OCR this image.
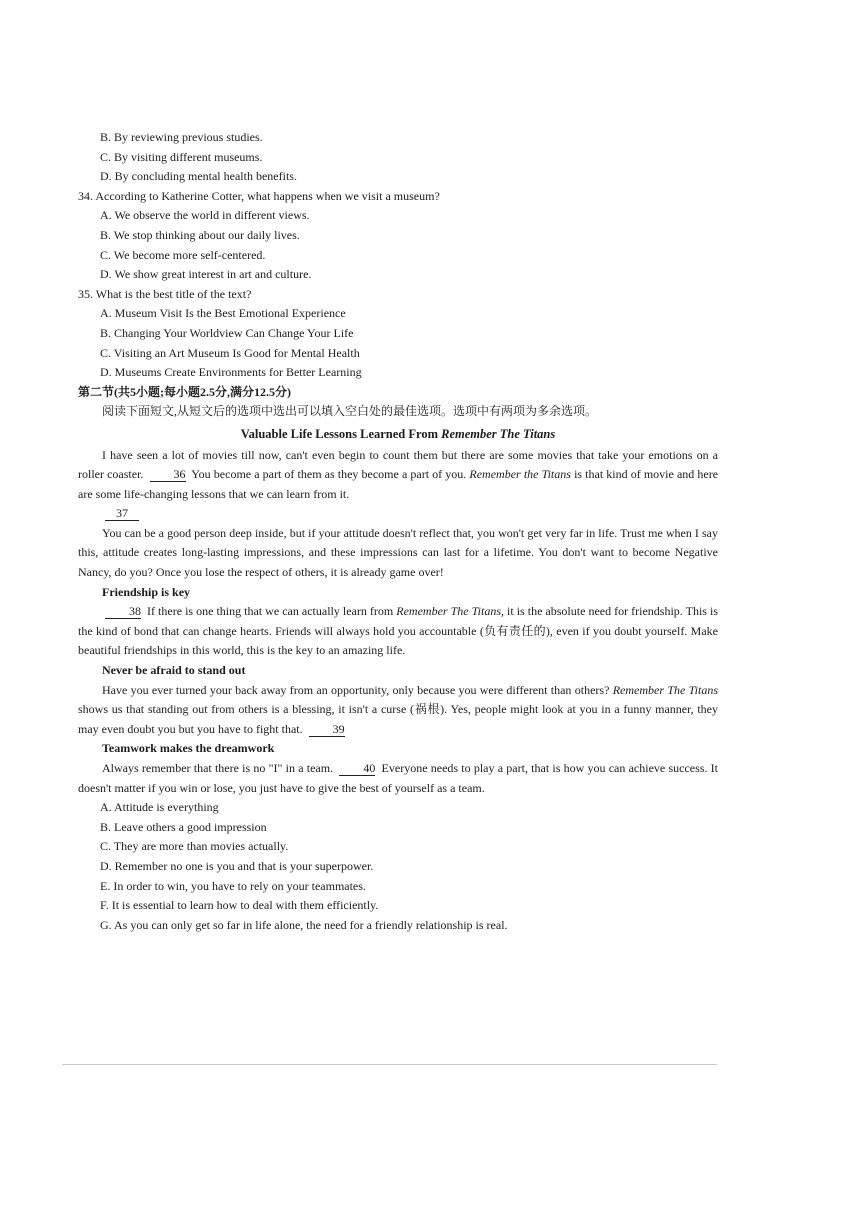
B. By reviewing previous studies.
C. By visiting different museums.
D. By concluding mental health benefits.
34. According to Katherine Cotter, what happens when we visit a museum?
A. We observe the world in different views.
B. We stop thinking about our daily lives.
C. We become more self-centered.
D. We show great interest in art and culture.
35. What is the best title of the text?
A. Museum Visit Is the Best Emotional Experience
B. Changing Your Worldview Can Change Your Life
C. Visiting an Art Museum Is Good for Mental Health
D. Museums Create Environments for Better Learning
第二节(共5小题;每小题2.5分,满分12.5分)
阅读下面短文,从短文后的选项中选出可以填入空白处的最佳选项。选项中有两项为多余选项。
Valuable Life Lessons Learned From Remember The Titans
I have seen a lot of movies till now, can't even begin to count them but there are some movies that take your emotions on a roller coaster.	36 You become a part of them as they become a part of you. Remember the Titans is that kind of movie and here are some life-changing lessons that we can learn from it.
37
You can be a good person deep inside, but if your attitude doesn't reflect that, you won't get very far in life. Trust me when I say this, attitude creates long-lasting impressions, and these impressions can last for a lifetime. You don't want to become Negative Nancy, do you? Once you lose the respect of others, it is already game over!
Friendship is key
38 If there is one thing that we can actually learn from Remember The Titans, it is the absolute need for friendship. This is the kind of bond that can change hearts. Friends will always hold you accountable (负有责任的), even if you doubt yourself. Make beautiful friendships in this world, this is the key to an amazing life.
Never be afraid to stand out
Have you ever turned your back away from an opportunity, only because you were different than others? Remember The Titans shows us that standing out from others is a blessing, it isn't a curse (祸根). Yes, people might look at you in a funny manner, they may even doubt you but you have to fight that.	39
Teamwork makes the dreamwork
Always remember that there is no "I" in a team.	40 Everyone needs to play a part, that is how you can achieve success. It doesn't matter if you win or lose, you just have to give the best of yourself as a team.
A. Attitude is everything
B. Leave others a good impression
C. They are more than movies actually.
D. Remember no one is you and that is your superpower.
E. In order to win, you have to rely on your teammates.
F. It is essential to learn how to deal with them efficiently.
G. As you can only get so far in life alone, the need for a friendly relationship is real.
